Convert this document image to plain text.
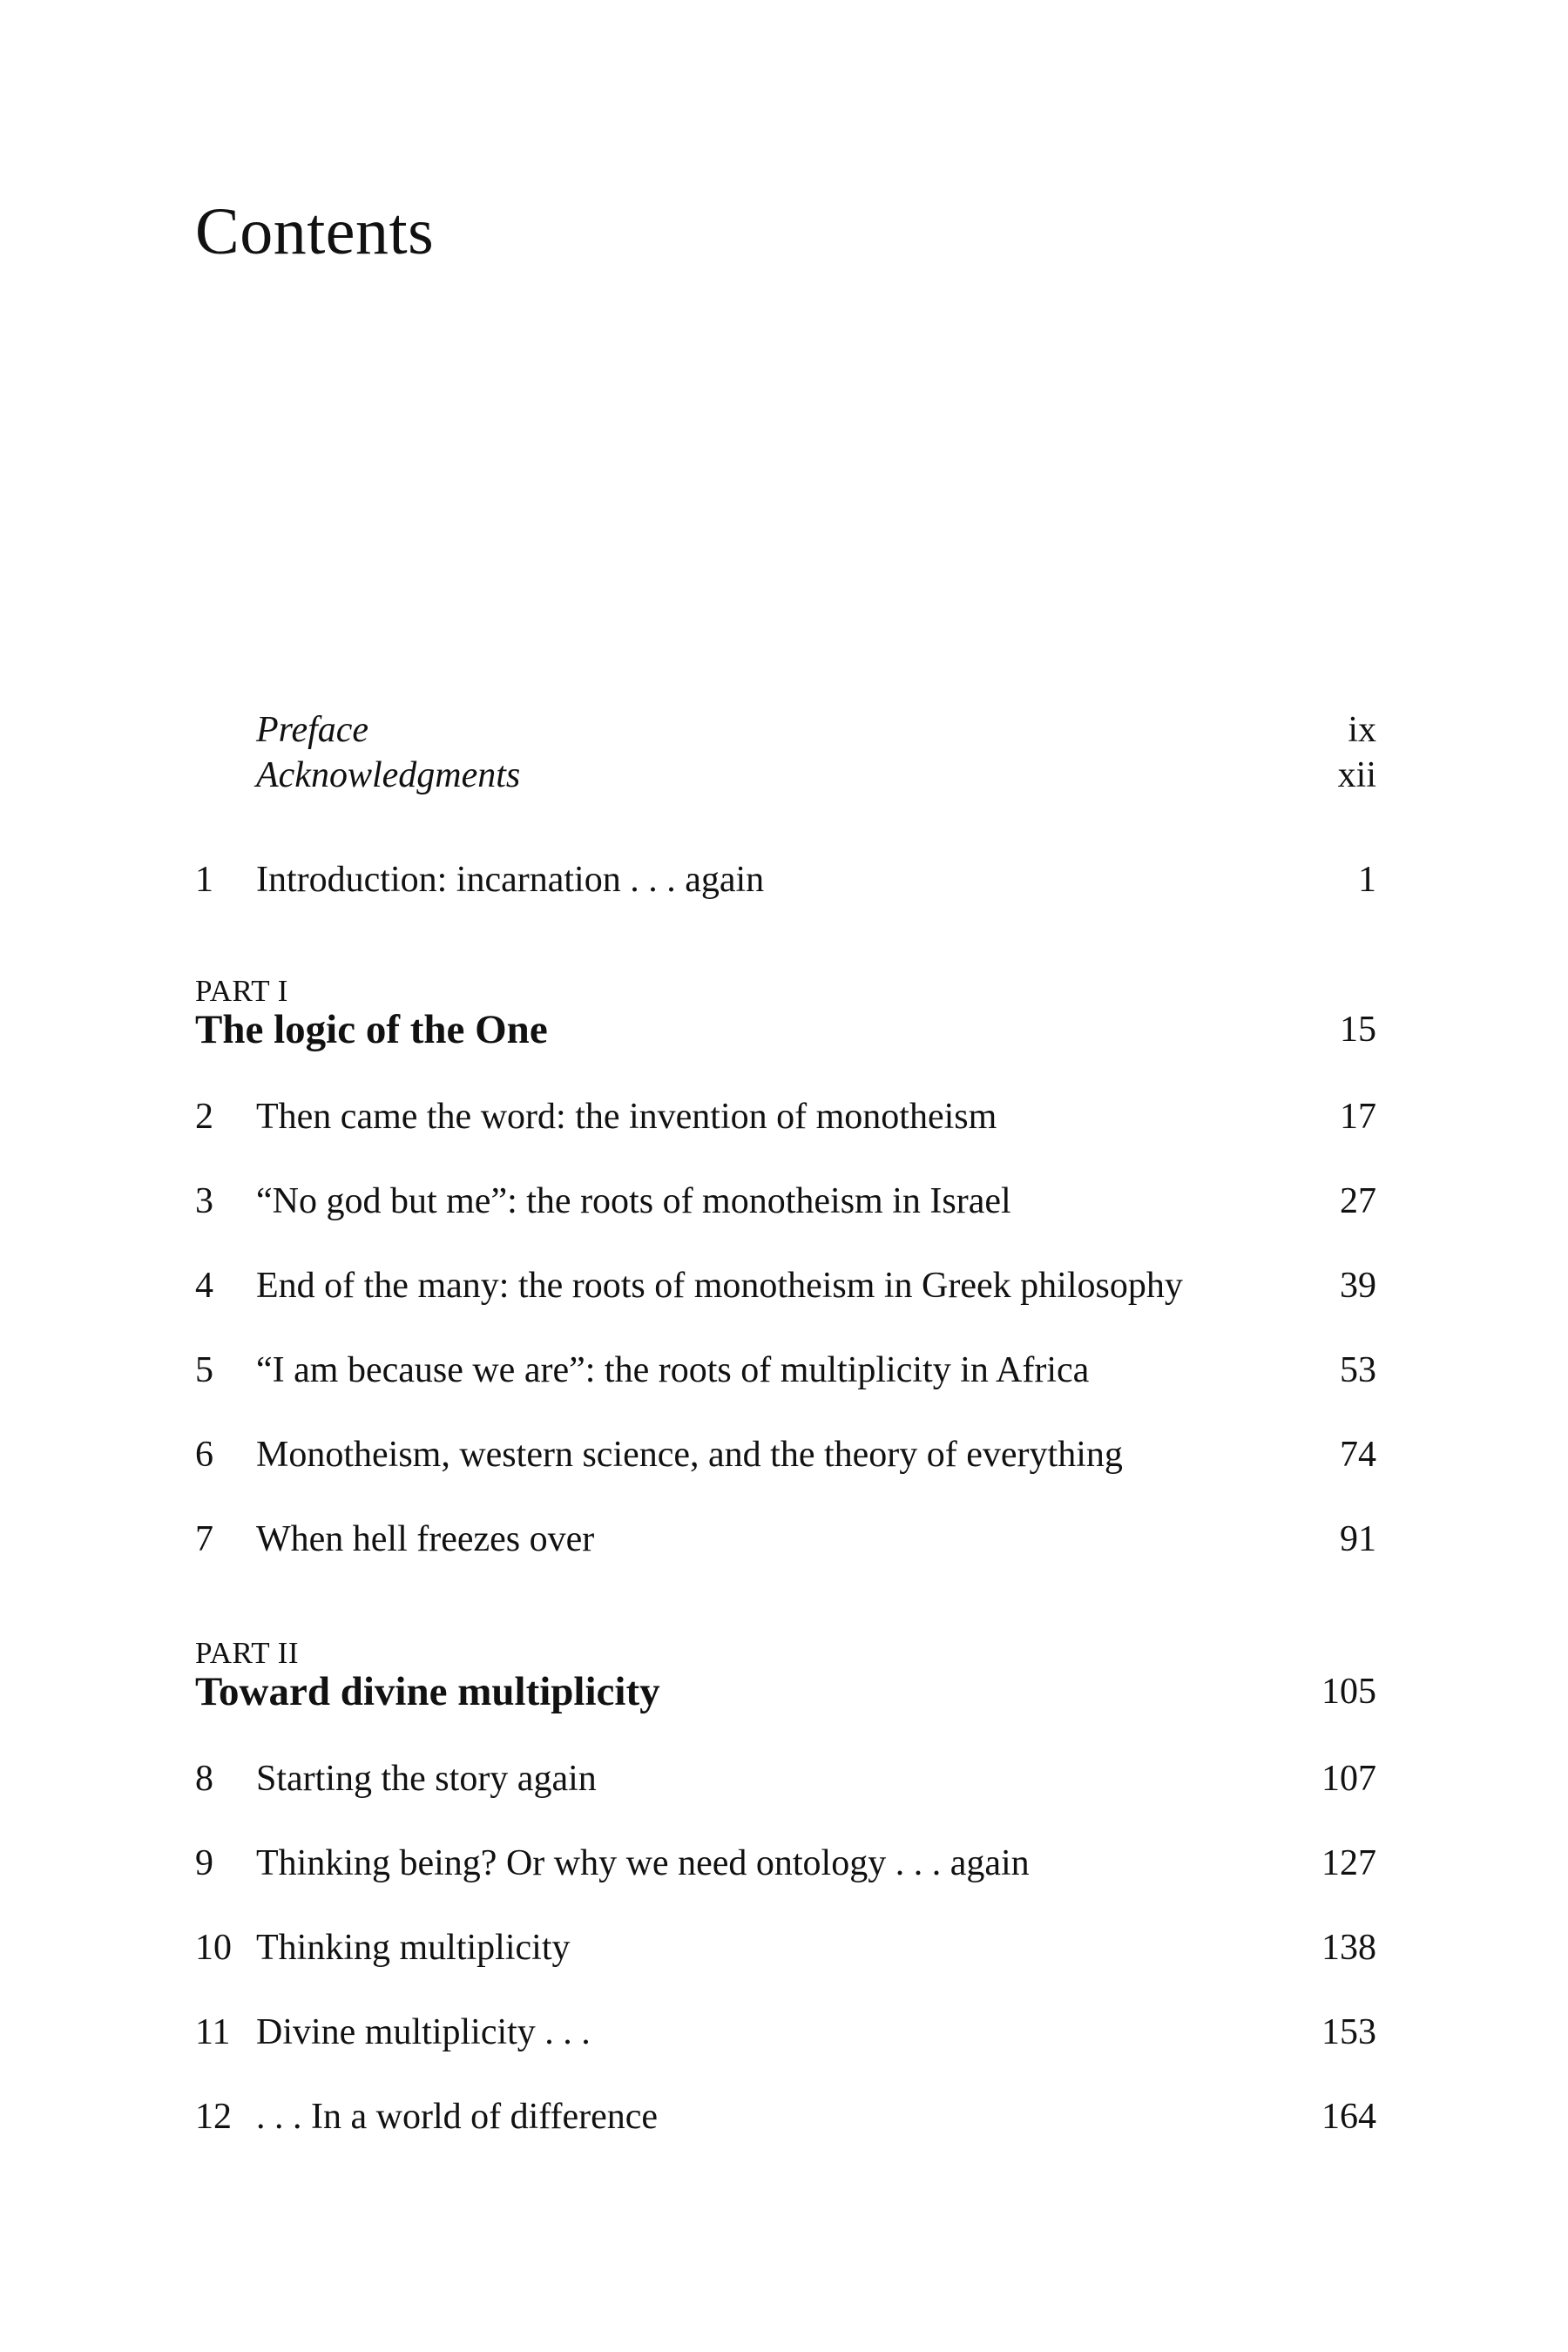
Contents
Preface	ix
Acknowledgments	xii
1 Introduction: incarnation . . . again	1
PART I
The logic of the One	15
2 Then came the word: the invention of monotheism	17
3 “No god but me”: the roots of monotheism in Israel	27
4 End of the many: the roots of monotheism in Greek philosophy	39
5 “I am because we are”: the roots of multiplicity in Africa	53
6 Monotheism, western science, and the theory of everything	74
7 When hell freezes over	91
PART II
Toward divine multiplicity	105
8 Starting the story again	107
9 Thinking being? Or why we need ontology . . . again	127
10 Thinking multiplicity	138
11 Divine multiplicity . . .	153
12 . . . In a world of difference	164
